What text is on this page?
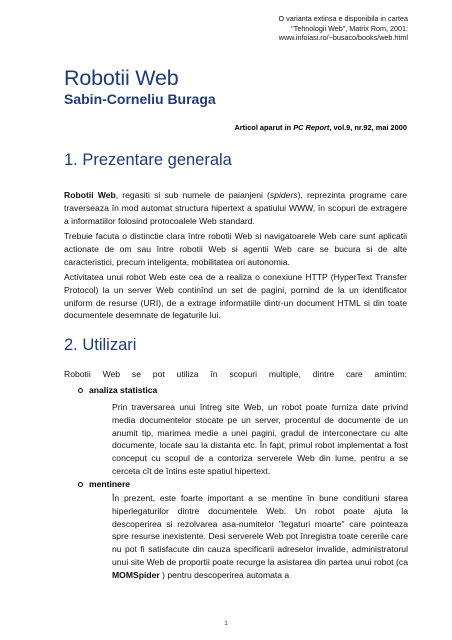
O varianta extinsa e disponibila in cartea
"Tehnologii Web", Matrix Rom, 2001:
www.infoiasi.ro/~busaco/books/web.html
Robotii Web
Sabin-Corneliu Buraga
Articol aparut in PC Report, vol.9, nr.92, mai 2000
1. Prezentare generala

Robotii Web, regasiti si sub numele de paianjeni (spiders), reprezinta programe care traverseaza în mod automat structura hipertext a spatiului WWW, în scopuri de extragere a informatiilor folosind protocoalele Web standard.

Trebuie facuta o distinctie clara între robotii Web si navigatoarele Web care sunt aplicatii actionate de om sau între robotii Web si agentii Web care se bucura si de alte caracteristici, precum inteligenta, mobilitatea ori autonomia.

Activitatea unui robot Web este cea de a realiza o conexiune HTTP (HyperText Transfer Protocol) la un server Web continînd un set de pagini, pornind de la un identificator uniform de resurse (URI), de a extrage informatiile dintr-un document HTML si din toate documentele desemnate de legaturile lui.

2. Utilizari

Robotii Web se pot utiliza în scopuri multiple, dintre care amintim:

analiza statistica

Prin traversarea unui întreg site Web, un robot poate furniza date privind media documentelor stocate pe un server, procentul de documente de un anumit tip, marimea medie a unei pagini, gradul de interconectare cu alte documente, locale sau la distanta etc. În fapt, primul robot implementat a fost conceput cu scopul de a contoriza serverele Web din lume, pentru a se cerceta cît de întins este spatiul hipertext.

mentinere

În prezent, este foarte important a se mentine în bune conditiuni starea hiperlegaturilor dintre documentele Web. Un robot poate ajuta la descoperirea si rezolvarea asa-numitelor "legaturi moarte" care pointeaza spre resurse inexistente. Desi serverele Web pot înregistra toate cererile care nu pot fi satisfacute din cauza specificarii adreselor invalide, administratorul unui site Web de proportii poate recurge la asistarea din partea unui robot (ca MOMSpider ) pentru descoperirea automata a

1
